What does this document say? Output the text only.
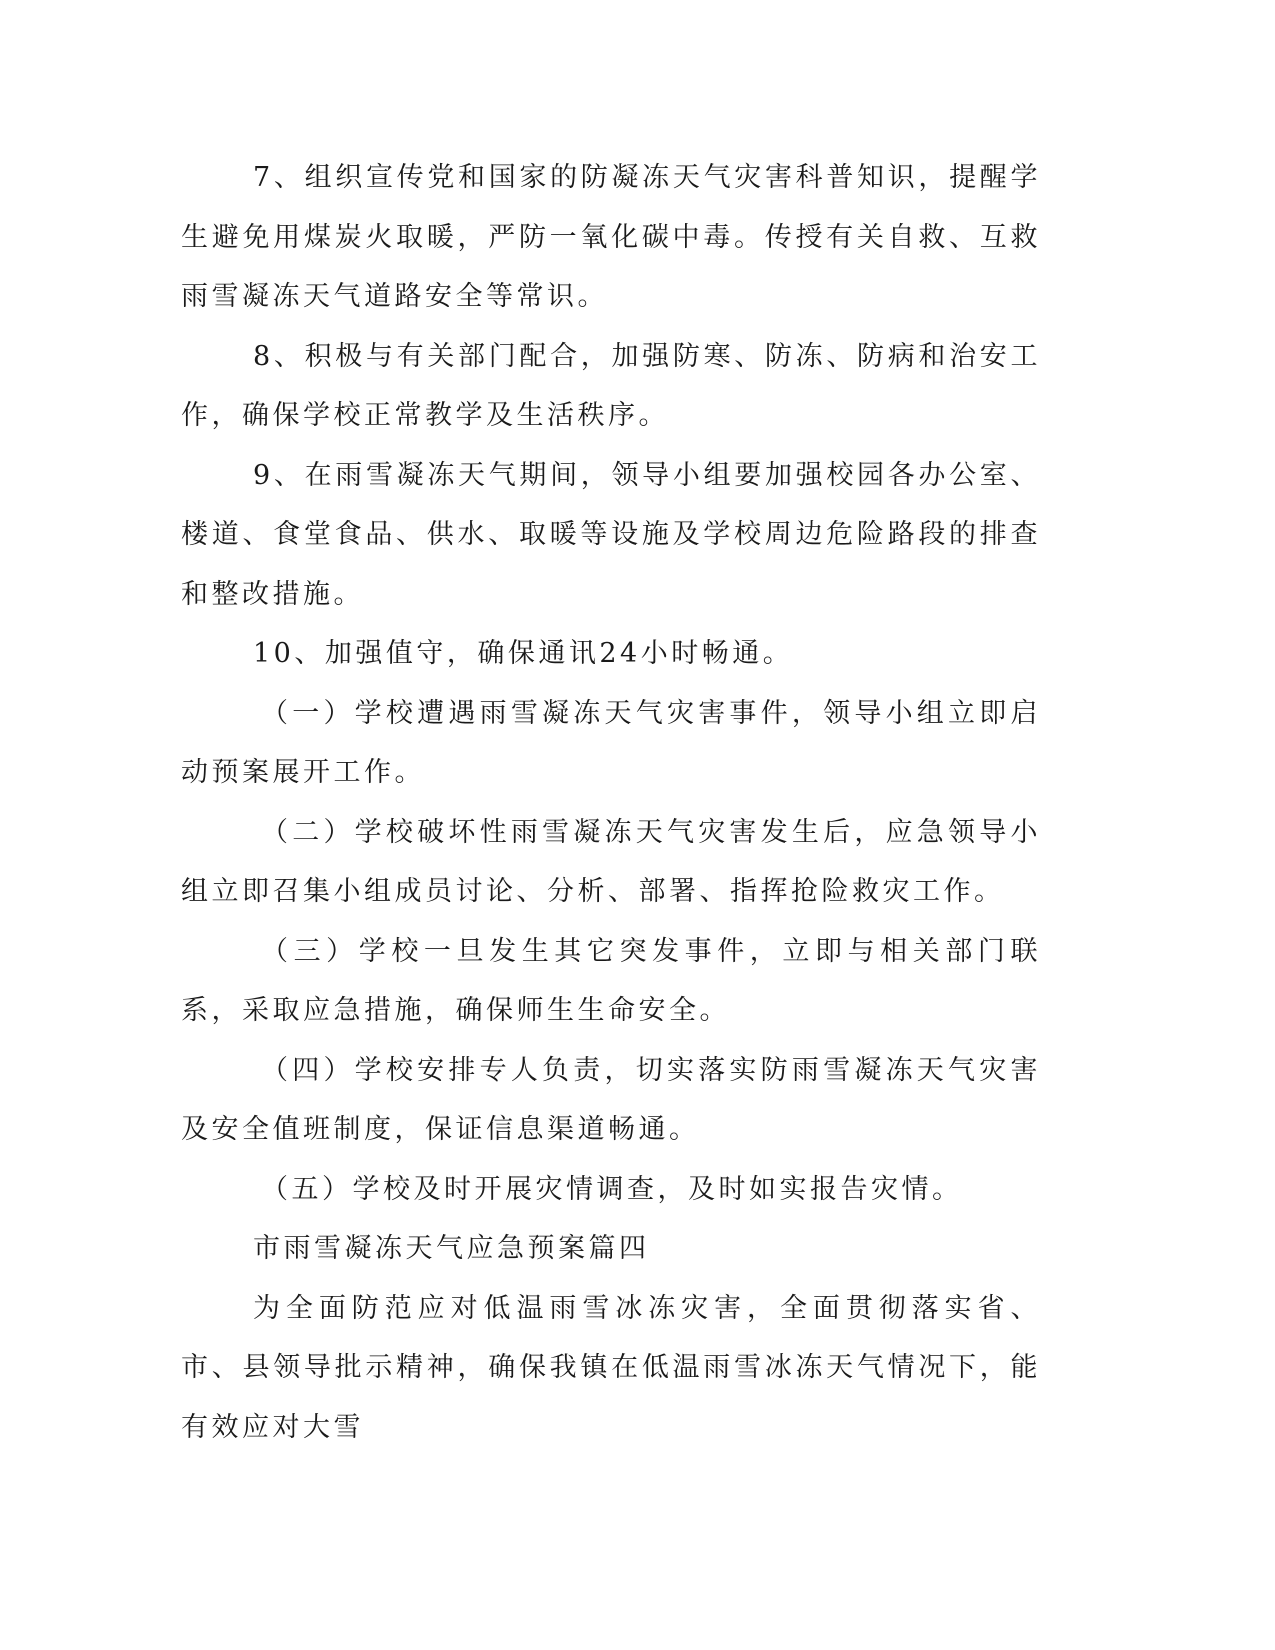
7、组织宣传党和国家的防凝冻天气灾害科普知识，提醒学生避免用煤炭火取暖，严防一氧化碳中毒。传授有关自救、互救雨雪凝冻天气道路安全等常识。

8、积极与有关部门配合，加强防寒、防冻、防病和治安工作，确保学校正常教学及生活秩序。

9、在雨雪凝冻天气期间，领导小组要加强校园各办公室、楼道、食堂食品、供水、取暖等设施及学校周边危险路段的排查和整改措施。

10、加强值守，确保通讯24小时畅通。

（一）学校遭遇雨雪凝冻天气灾害事件，领导小组立即启动预案展开工作。

（二）学校破坏性雨雪凝冻天气灾害发生后，应急领导小组立即召集小组成员讨论、分析、部署、指挥抢险救灾工作。

（三）学校一旦发生其它突发事件，立即与相关部门联系，采取应急措施，确保师生生命安全。

（四）学校安排专人负责，切实落实防雨雪凝冻天气灾害及安全值班制度，保证信息渠道畅通。

（五）学校及时开展灾情调查，及时如实报告灾情。

市雨雪凝冻天气应急预案篇四

为全面防范应对低温雨雪冰冻灾害，全面贯彻落实省、市、县领导批示精神，确保我镇在低温雨雪冰冻天气情况下，能有效应对大雪
